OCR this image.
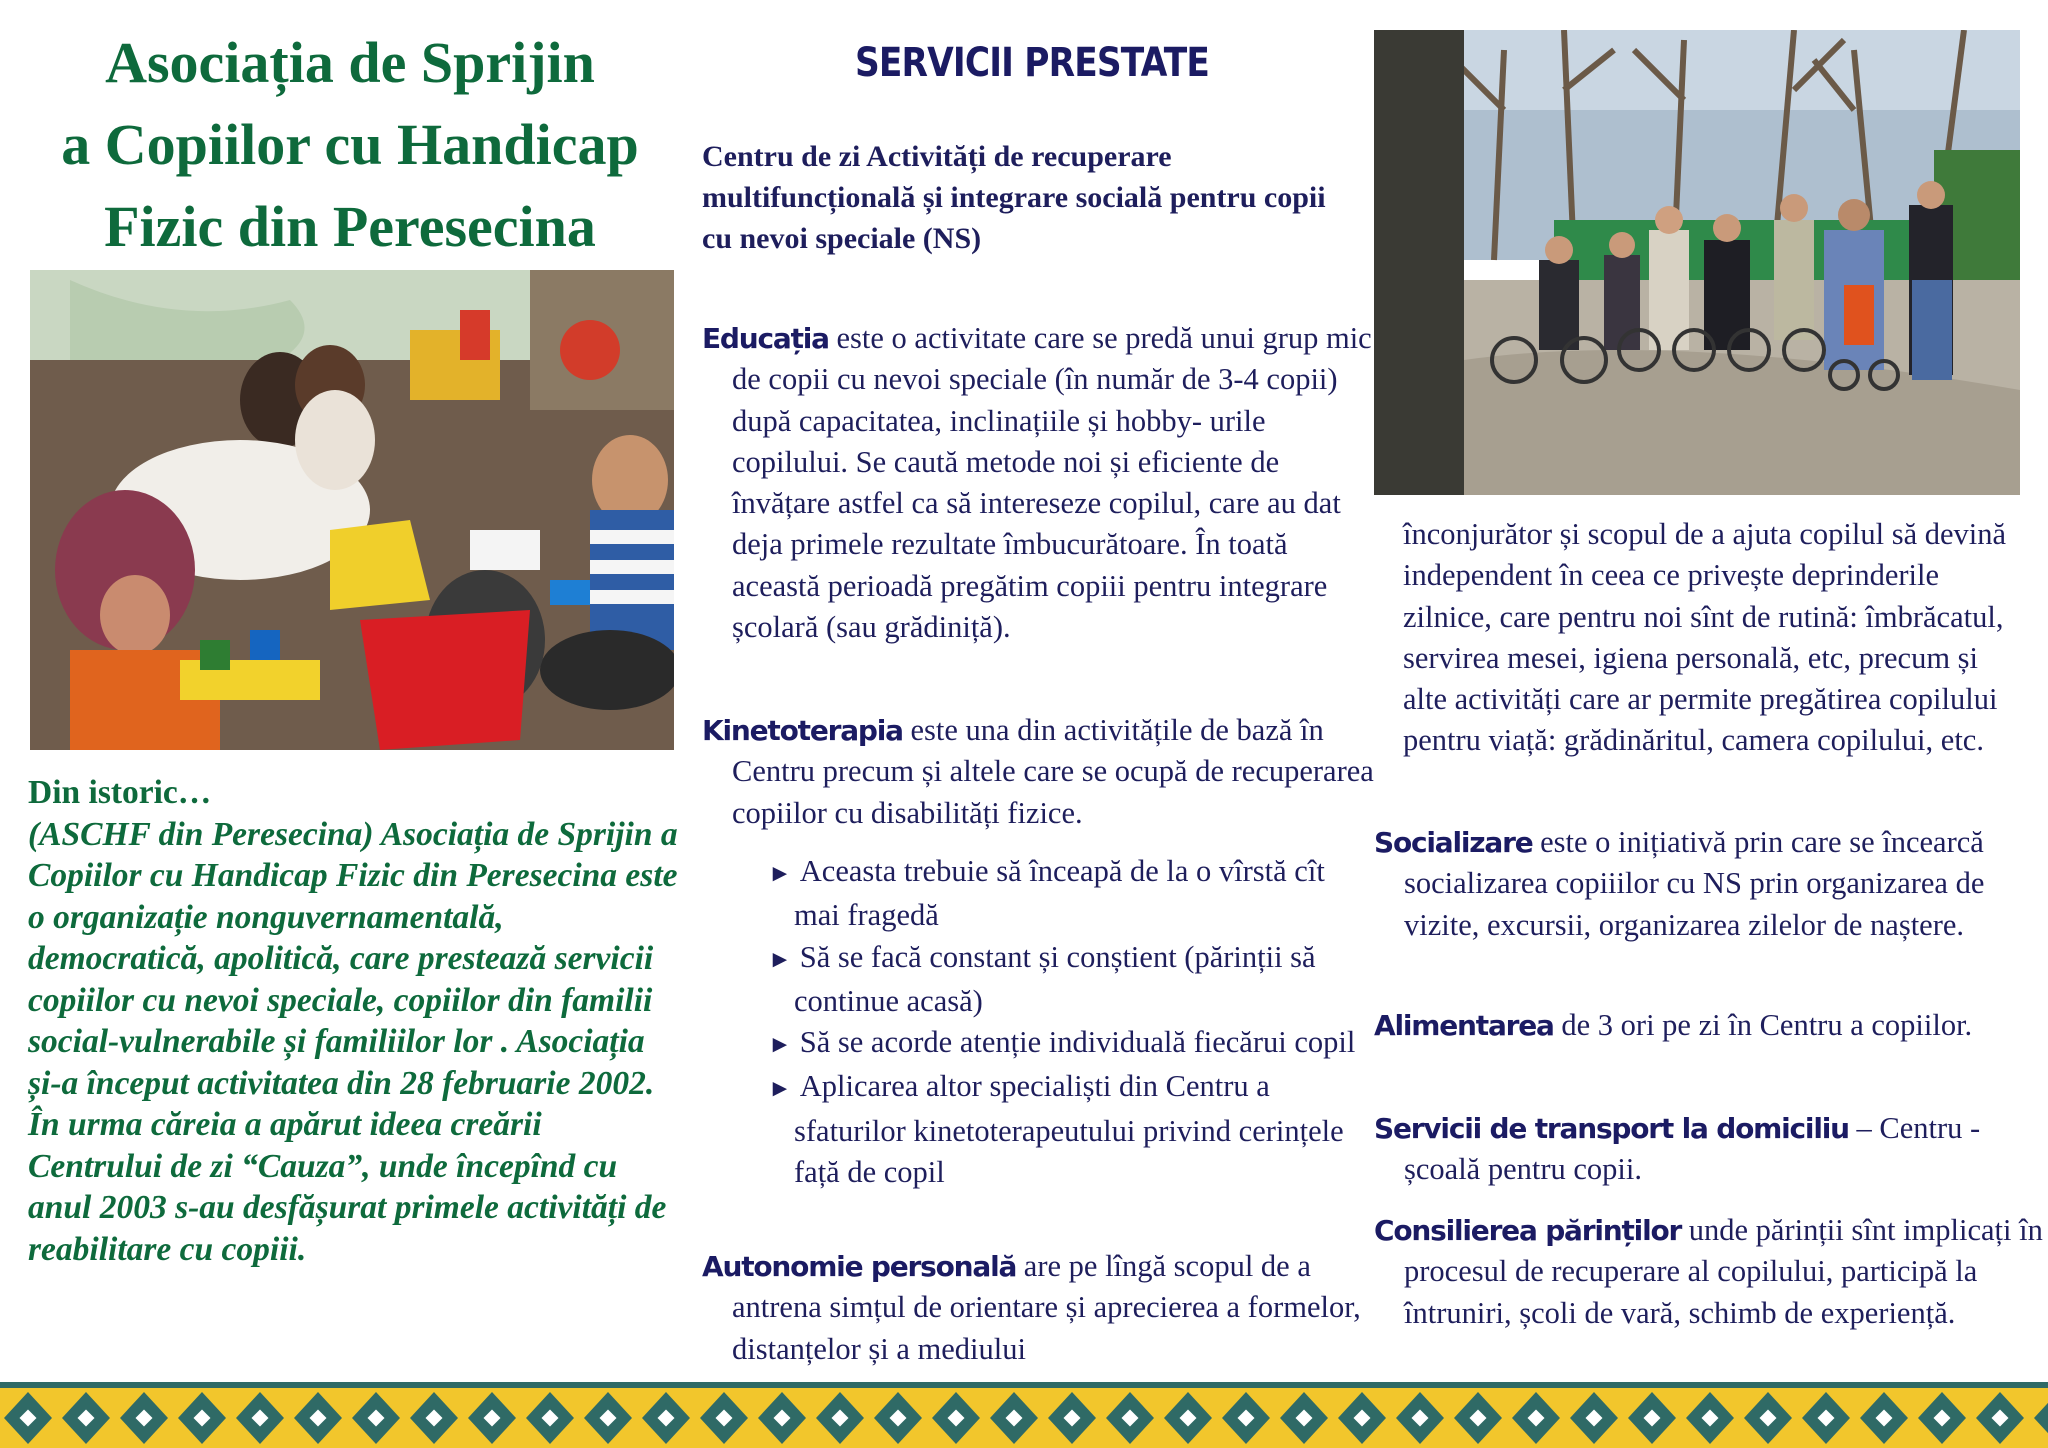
Asociația de Sprijin
a Copiilor cu Handicap
Fizic din Peresecina
Din istoric…
(ASCHF din Peresecina) Asociația de Sprijin a Copiilor cu Handicap Fizic din Peresecina este o organizație nonguvernamentală, democratică, apolitică, care prestează servicii copiilor cu nevoi speciale, copiilor din familii social-vulnerabile și familiilor lor . Asociația și-a început activitatea din 28 februarie 2002. În urma căreia a apărut ideea creării Centrului de zi “Cauza”, unde începînd cu anul 2003 s-au desfășurat primele activități de reabilitare cu copiii.
SERVICII PRESTATE
Centru de zi Activități de recuperare multifuncțională și integrare socială pentru copii cu nevoi speciale (NS)
Educația este o activitate care se predă unui grup mic de copii cu nevoi speciale (în număr de 3-4 copii) după capacitatea, inclinațiile și hobby- urile copilului. Se caută metode noi și eficiente de învățare astfel ca să intereseze copilul, care au dat deja primele rezultate îmbucurătoare. În toată această perioadă pregătim copiii pentru integrare școlară (sau grădiniță).
Kinetoterapia este una din activitățile de bază în Centru precum și altele care se ocupă de recuperarea copiilor cu disabilități fizice.
► Aceasta trebuie să înceapă de la o vîrstă cît mai fragedă
► Să se facă constant și conștient (părinții să continue acasă)
► Să se acorde atenție individuală fiecărui copil
► Aplicarea altor specialiști din Centru a sfaturilor kinetoterapeutului privind cerințele față de copil
Autonomie personală are pe lîngă scopul de a antrena simțul de orientare și aprecierea a formelor, distanțelor și a mediului
înconjurător și scopul de a ajuta copilul să devină independent în ceea ce privește deprinderile zilnice, care pentru noi sînt de rutină: îmbrăcatul, servirea mesei, igiena personală, etc, precum și alte activități care ar permite pregătirea copilului pentru viață: grădinăritul, camera copilului, etc.
Socializare este o inițiativă prin care se încearcă socializarea copiiilor cu NS prin organizarea de vizite, excursii, organizarea zilelor de naștere.
Alimentarea de 3 ori pe zi în Centru a copiilor.
Servicii de transport la domiciliu – Centru - școală pentru copii.
Consilierea părinților unde părinții sînt implicați în procesul de recuperare al copilului, participă la întruniri, școli de vară, schimb de experiență.
